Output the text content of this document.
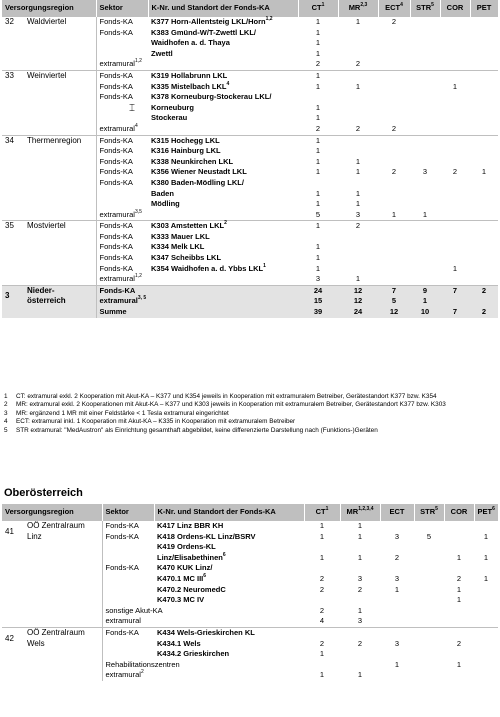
Versorgungsregion	Sektor	K-Nr. und Standort der Fonds-KA	$CT^1$	MR$^{2,3}$	ECT$^4$	STR$^5$	COR	PET
32 Waldviertel	Fonds-KA	K377 Horn-Allentsteig LKL/Horn$^{1,2}$	1	1	2			
	Fonds-KA	K383 Gmünd-W/T-Zwettl LKL/	1					
		Waidhofen a. d. Thaya	1					
		Zwettl	1					
	extramural$^{1,2}$		2	2				
33 Weinviertel	Fonds-KA	K319 Hollabrunn LKL	1					
	Fonds-KA	K335 Mistelbach LKL$^4$	1	1			1	
	Fonds-KA	K378 Korneuburg-Stockerau LKL/						
		Korneuburg	1					
		Stockerau	1					
	extramural$^4$		2	2	2			
34 Thermenregion	Fonds-KA	K315 Hochegg LKL	1					
	Fonds-KA	K316 Hainburg LKL	1					
	Fonds-KA	K338 Neunkirchen LKL	1	1				
	Fonds-KA	K356 Wiener Neustadt LKL	1	1	2	3	2	1
	Fonds-KA	K380 Baden-Mödling LKL/						
		Baden	1	1				
		Mödling	1	1				
	extramural$^{3,5}$		5	3	1	1		
35 Mostviertel	Fonds-KA	K303 Amstetten LKL$^2$	1	2				
	Fonds-KA	K333 Mauer LKL						
	Fonds-KA	K334 Melk LKL	1					
	Fonds-KA	K347 Scheibbs LKL	1					
	Fonds-KA	K354 Waidhofen a. d. Ybbs LKL$^1$	1				1	
	extramural$^{1,2}$		3	1				
3Nieder-
österreich	Fonds-KA		24	12	7	9	7	2
	extramural$^{3, 5}$		15	12	5	1		
	Summe		39	24	12	10	7	2
⌶
1	CT: extramural exkl. 2 Kooperation mit Akut-KA – K377 und K354 jeweils in Kooperation mit extramuralem Betreiber, Gerätestandort K377 bzw. K354
2	MR: extramural exkl. 2 Kooperationen mit Akut-KA – K377 und K303 jeweils in Kooperation mit extramuralem Betreiber, Gerätestandort K377 bzw. K303
3	MR: ergänzend 1 MR mit einer Feldstärke < 1 Tesla extramural eingerichtet
4	ECT: extramural inkl. 1 Kooperation mit Akut-KA – K335 in Kooperation mit extramuralem Betreiber
5	STR extramural: "MedAustron" als Einrichtung gesamthaft abgebildet, keine differenzierte Darstellung nach (Funktions-)Geräten
Oberösterreich
Versorgungsregion	Sektor	K-Nr. und Standort der Fonds-KA	$CT^1$	MR$^{1,2,3,4}$	ECT	STR$^5$	COR	PET$^6$
41OÖ Zentralraum
Linz	Fonds-KA	K417 Linz BBR KH	1	1				
	Fonds-KA	K418 Ordens-KL Linz/BSRV	1	1	3	5		1
		K419 Ordens-KL						
		Linz/Elisabethinen$^6$	1	1	2		1	1
	Fonds-KA	K470 KUK Linz/						
		K470.1 MC III$^6$	2	3	3		2	1
		K470.2 NeuromedC	2	2	1		1	
		K470.3 MC IV					1	
	sonstige Akut-KA		2	1				
	extramural		4	3				
42OÖ Zentralraum
Wels	Fonds-KA	K434 Wels-Grieskirchen KL						
		K434.1 Wels	2	2	3		2	
		K434.2 Grieskirchen	1					
	Rehabilitationszentren				1		1	
	extramural$^2$		1	1				
